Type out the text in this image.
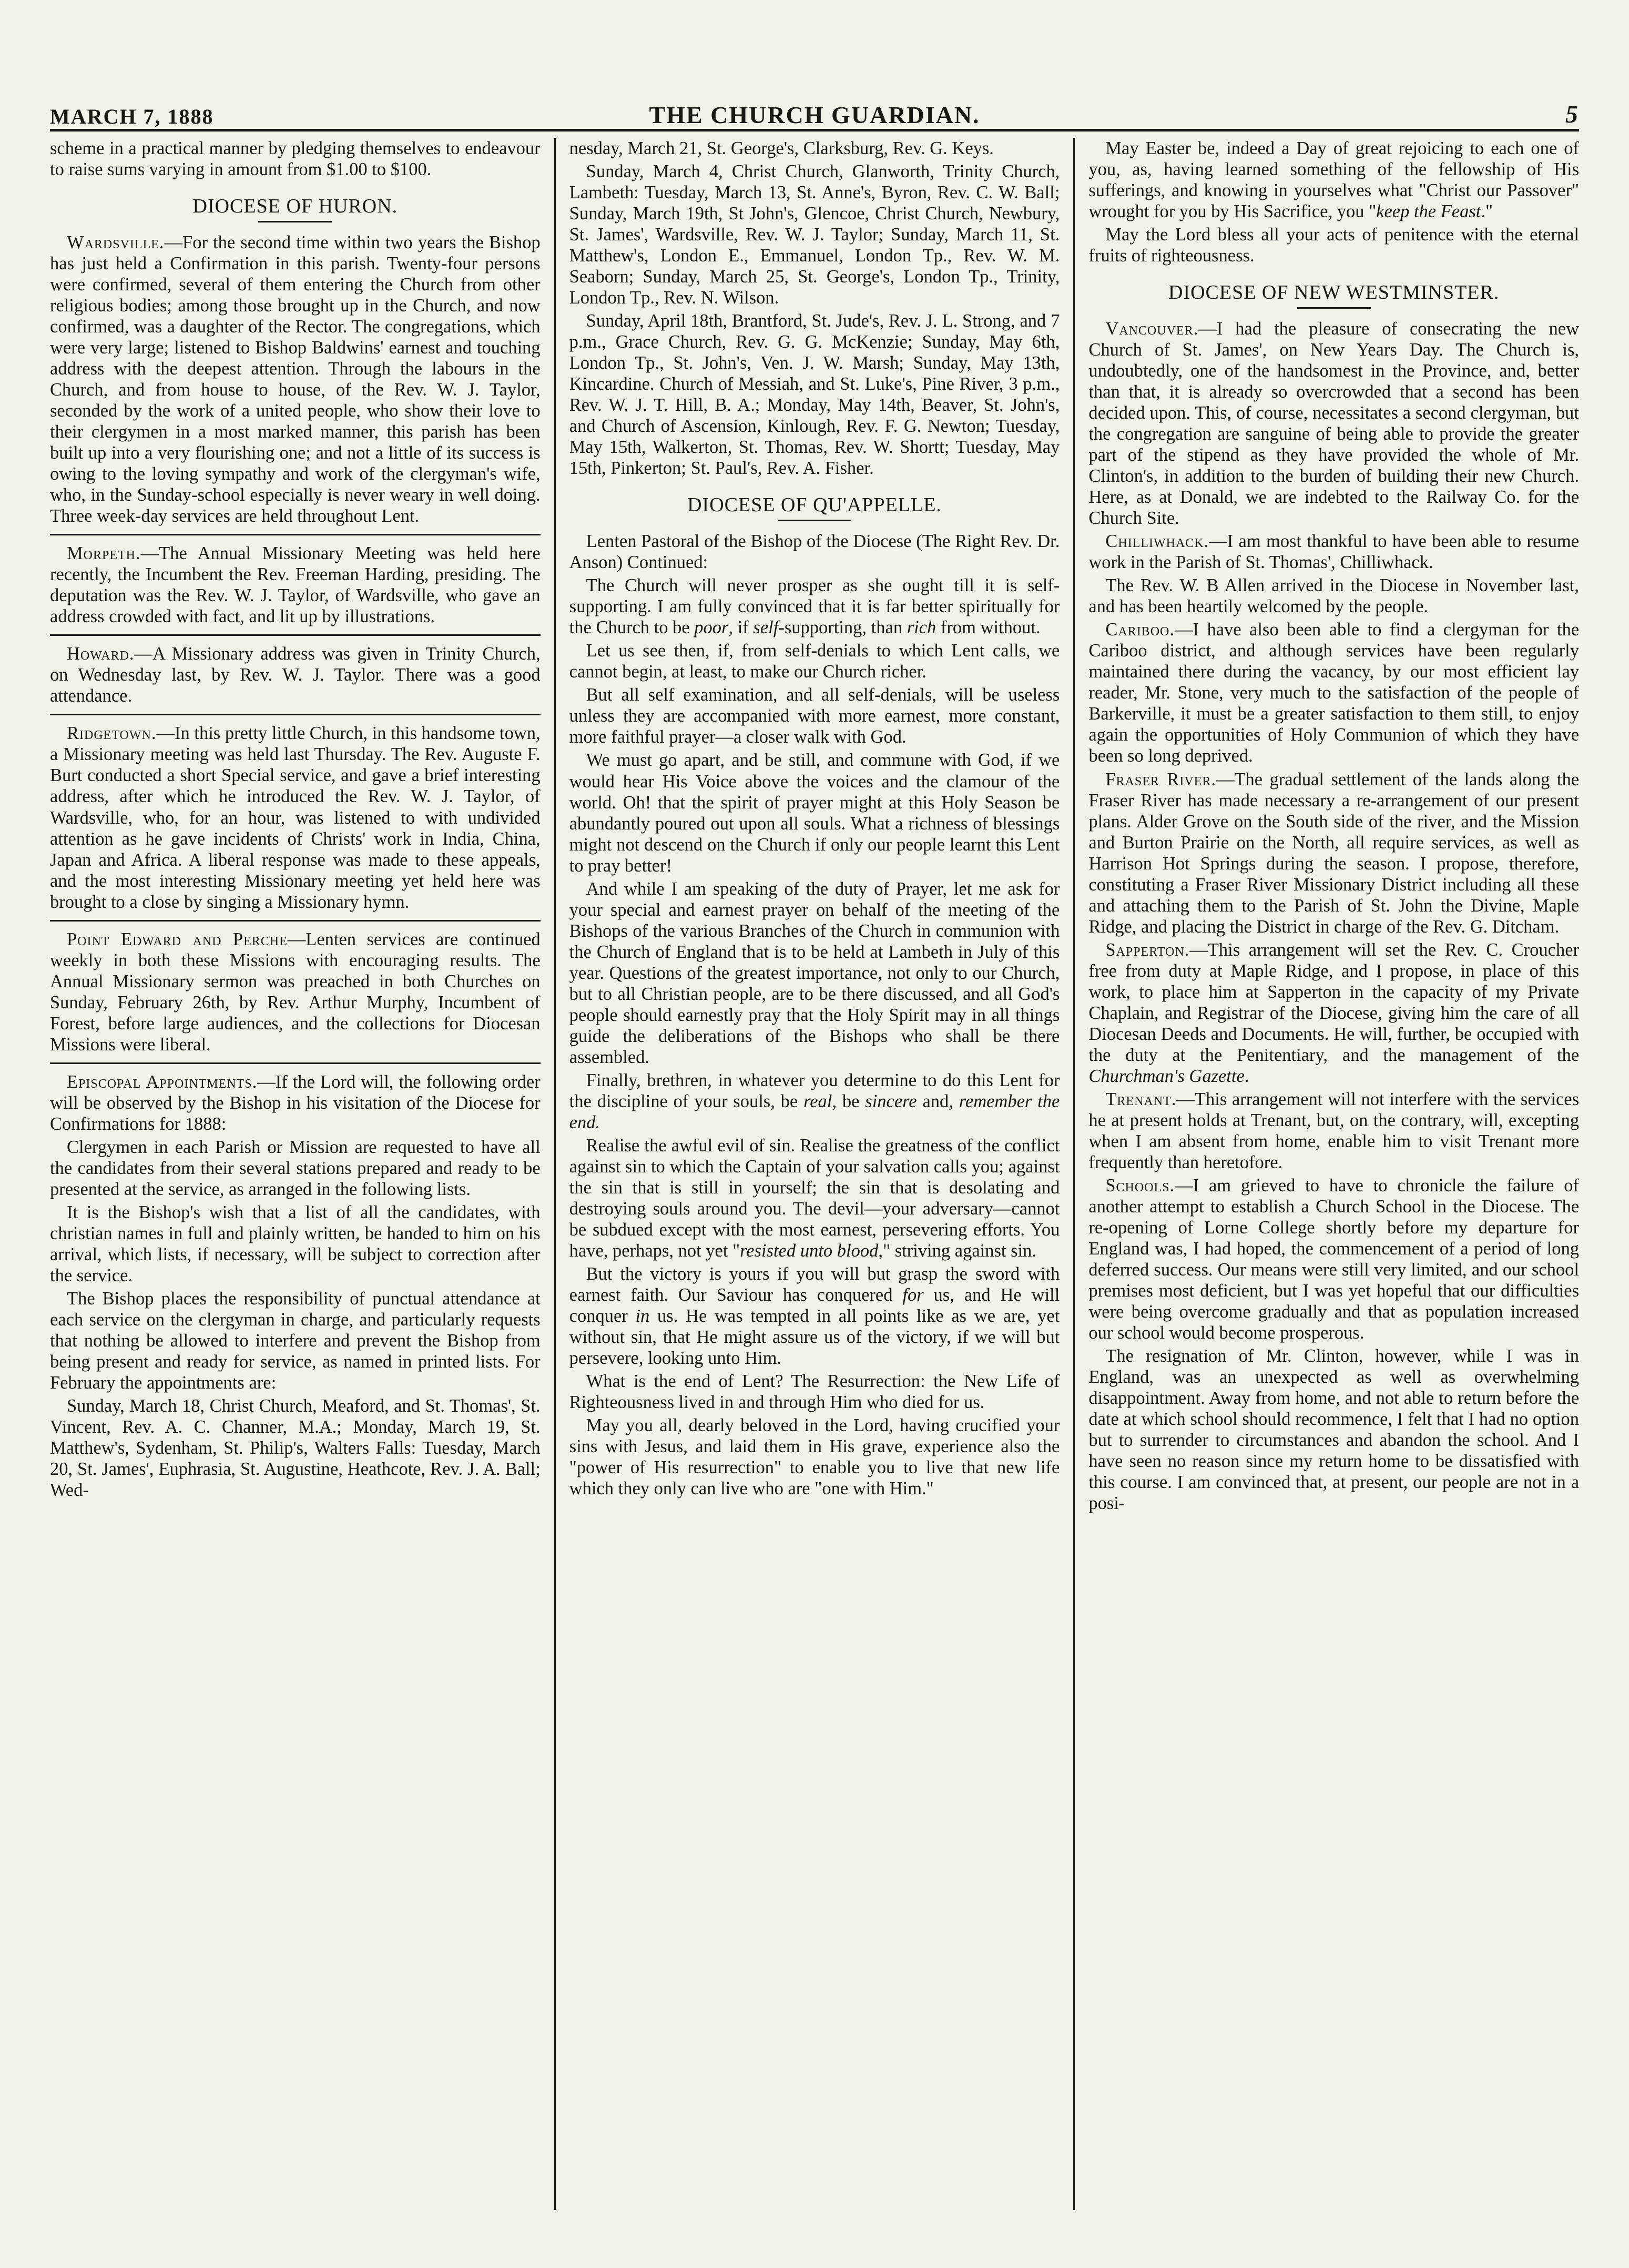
MARCH 7, 1888	THE CHURCH GUARDIAN.	5

scheme in a practical manner by pledging themselves to endeavour to raise sums varying in amount from $1.00 to $100.

DIOCESE OF HURON.

Wardsville.—For the second time within two years the Bishop has just held a Confirmation in this parish. Twenty-four persons were confirmed, several of them entering the Church from other religious bodies; among those brought up in the Church, and now confirmed, was a daughter of the Rector. The congregations, which were very large; listened to Bishop Baldwins' earnest and touching address with the deepest attention. Through the labours in the Church, and from house to house, of the Rev. W. J. Taylor, seconded by the work of a united people, who show their love to their clergymen in a most marked manner, this parish has been built up into a very flourishing one; and not a little of its success is owing to the loving sympathy and work of the clergyman's wife, who, in the Sunday-school especially is never weary in well doing. Three week-day services are held throughout Lent.

Morpeth.—The Annual Missionary Meeting was held here recently, the Incumbent the Rev. Freeman Harding, presiding. The deputation was the Rev. W. J. Taylor, of Wardsville, who gave an address crowded with fact, and lit up by illustrations.

Howard.—A Missionary address was given in Trinity Church, on Wednesday last, by Rev. W. J. Taylor. There was a good attendance.

Ridgetown.—In this pretty little Church, in this handsome town, a Missionary meeting was held last Thursday. The Rev. Auguste F. Burt conducted a short Special service, and gave a brief interesting address, after which he introduced the Rev. W. J. Taylor, of Wardsville, who, for an hour, was listened to with undivided attention as he gave incidents of Christs' work in India, China, Japan and Africa. A liberal response was made to these appeals, and the most interesting Missionary meeting yet held here was brought to a close by singing a Missionary hymn.

Point Edward and Perche—Lenten services are continued weekly in both these Missions with encouraging results. The Annual Missionary sermon was preached in both Churches on Sunday, February 26th, by Rev. Arthur Murphy, Incumbent of Forest, before large audiences, and the collections for Diocesan Missions were liberal.

Episcopal Appointments.—If the Lord will, the following order will be observed by the Bishop in his visitation of the Diocese for Confirmations for 1888:

Clergymen in each Parish or Mission are requested to have all the candidates from their several stations prepared and ready to be presented at the service, as arranged in the following lists.

It is the Bishop's wish that a list of all the candidates, with christian names in full and plainly written, be handed to him on his arrival, which lists, if necessary, will be subject to correction after the service.

The Bishop places the responsibility of punctual attendance at each service on the clergyman in charge, and particularly requests that nothing be allowed to interfere and prevent the Bishop from being present and ready for service, as named in printed lists. For February the appointments are:

Sunday, March 18, Christ Church, Meaford, and St. Thomas', St. Vincent, Rev. A. C. Channer, M.A.; Monday, March 19, St. Matthew's, Sydenham, St. Philip's, Walters Falls: Tuesday, March 20, St. James', Euphrasia, St. Augustine, Heathcote, Rev. J. A. Ball; Wed-

nesday, March 21, St. George's, Clarksburg, Rev. G. Keys.

Sunday, March 4, Christ Church, Glanworth, Trinity Church, Lambeth: Tuesday, March 13, St. Anne's, Byron, Rev. C. W. Ball; Sunday, March 19th, St John's, Glencoe, Christ Church, Newbury, St. James', Wardsville, Rev. W. J. Taylor; Sunday, March 11, St. Matthew's, London E., Emmanuel, London Tp., Rev. W. M. Seaborn; Sunday, March 25, St. George's, London Tp., Trinity, London Tp., Rev. N. Wilson.

Sunday, April 18th, Brantford, St. Jude's, Rev. J. L. Strong, and 7 p.m., Grace Church, Rev. G. G. McKenzie; Sunday, May 6th, London Tp., St. John's, Ven. J. W. Marsh; Sunday, May 13th, Kincardine. Church of Messiah, and St. Luke's, Pine River, 3 p.m., Rev. W. J. T. Hill, B. A.; Monday, May 14th, Beaver, St. John's, and Church of Ascension, Kinlough, Rev. F. G. Newton; Tuesday, May 15th, Walkerton, St. Thomas, Rev. W. Shortt; Tuesday, May 15th, Pinkerton; St. Paul's, Rev. A. Fisher.

DIOCESE OF QU'APPELLE.

Lenten Pastoral of the Bishop of the Diocese (The Right Rev. Dr. Anson) Continued:

The Church will never prosper as she ought till it is self-supporting. I am fully convinced that it is far better spiritually for the Church to be poor, if self-supporting, than rich from without.

Let us see then, if, from self-denials to which Lent calls, we cannot begin, at least, to make our Church richer.

But all self examination, and all self-denials, will be useless unless they are accompanied with more earnest, more constant, more faithful prayer—a closer walk with God.

We must go apart, and be still, and commune with God, if we would hear His Voice above the voices and the clamour of the world. Oh! that the spirit of prayer might at this Holy Season be abundantly poured out upon all souls. What a richness of blessings might not descend on the Church if only our people learnt this Lent to pray better!

And while I am speaking of the duty of Prayer, let me ask for your special and earnest prayer on behalf of the meeting of the Bishops of the various Branches of the Church in communion with the Church of England that is to be held at Lambeth in July of this year. Questions of the greatest importance, not only to our Church, but to all Christian people, are to be there discussed, and all God's people should earnestly pray that the Holy Spirit may in all things guide the deliberations of the Bishops who shall be there assembled.

Finally, brethren, in whatever you determine to do this Lent for the discipline of your souls, be real, be sincere and, remember the end.

Realise the awful evil of sin. Realise the greatness of the conflict against sin to which the Captain of your salvation calls you; against the sin that is still in yourself; the sin that is desolating and destroying souls around you. The devil—your adversary—cannot be subdued except with the most earnest, persevering efforts. You have, perhaps, not yet "resisted unto blood," striving against sin.

But the victory is yours if you will but grasp the sword with earnest faith. Our Saviour has conquered for us, and He will conquer in us. He was tempted in all points like as we are, yet without sin, that He might assure us of the victory, if we will but persevere, looking unto Him.

What is the end of Lent? The Resurrection: the New Life of Righteousness lived in and through Him who died for us.

May you all, dearly beloved in the Lord, having crucified your sins with Jesus, and laid them in His grave, experience also the "power of His resurrection" to enable you to live that new life which they only can live who are "one with Him."

May Easter be, indeed a Day of great rejoicing to each one of you, as, having learned something of the fellowship of His sufferings, and knowing in yourselves what "Christ our Passover" wrought for you by His Sacrifice, you "keep the Feast."

May the Lord bless all your acts of penitence with the eternal fruits of righteousness.

DIOCESE OF NEW WESTMINSTER.

Vancouver.—I had the pleasure of consecrating the new Church of St. James', on New Years Day. The Church is, undoubtedly, one of the handsomest in the Province, and, better than that, it is already so overcrowded that a second has been decided upon. This, of course, necessitates a second clergyman, but the congregation are sanguine of being able to provide the greater part of the stipend as they have provided the whole of Mr. Clinton's, in addition to the burden of building their new Church. Here, as at Donald, we are indebted to the Railway Co. for the Church Site.

Chilliwhack.—I am most thankful to have been able to resume work in the Parish of St. Thomas', Chilliwhack.

The Rev. W. B Allen arrived in the Diocese in November last, and has been heartily welcomed by the people.

Cariboo.—I have also been able to find a clergyman for the Cariboo district, and although services have been regularly maintained there during the vacancy, by our most efficient lay reader, Mr. Stone, very much to the satisfaction of the people of Barkerville, it must be a greater satisfaction to them still, to enjoy again the opportunities of Holy Communion of which they have been so long deprived.

Fraser River.—The gradual settlement of the lands along the Fraser River has made necessary a re-arrangement of our present plans. Alder Grove on the South side of the river, and the Mission and Burton Prairie on the North, all require services, as well as Harrison Hot Springs during the season. I propose, therefore, constituting a Fraser River Missionary District including all these and attaching them to the Parish of St. John the Divine, Maple Ridge, and placing the District in charge of the Rev. G. Ditcham.

Sapperton.—This arrangement will set the Rev. C. Croucher free from duty at Maple Ridge, and I propose, in place of this work, to place him at Sapperton in the capacity of my Private Chaplain, and Registrar of the Diocese, giving him the care of all Diocesan Deeds and Documents. He will, further, be occupied with the duty at the Penitentiary, and the management of the Churchman's Gazette.

Trenant.—This arrangement will not interfere with the services he at present holds at Trenant, but, on the contrary, will, excepting when I am absent from home, enable him to visit Trenant more frequently than heretofore.

Schools.—I am grieved to have to chronicle the failure of another attempt to establish a Church School in the Diocese. The re-opening of Lorne College shortly before my departure for England was, I had hoped, the commencement of a period of long deferred success. Our means were still very limited, and our school premises most deficient, but I was yet hopeful that our difficulties were being overcome gradually and that as population increased our school would become prosperous.

The resignation of Mr. Clinton, however, while I was in England, was an unexpected as well as overwhelming disappointment. Away from home, and not able to return before the date at which school should recommence, I felt that I had no option but to surrender to circumstances and abandon the school. And I have seen no reason since my return home to be dissatisfied with this course. I am convinced that, at present, our people are not in a posi-
